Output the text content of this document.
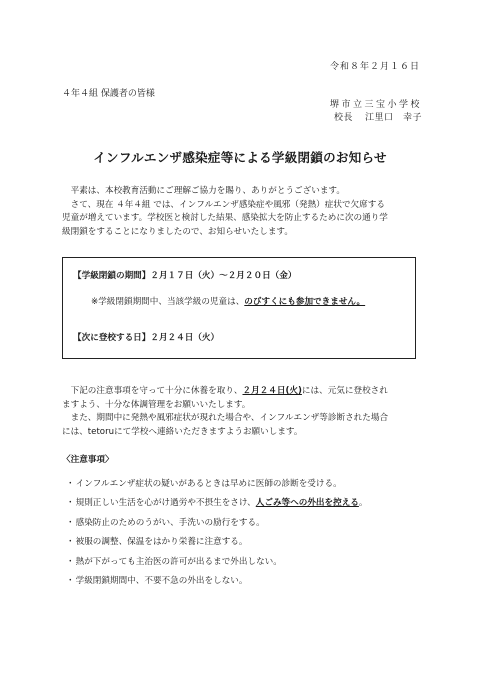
令和８年２月１６日
４年４組 保護者の皆様
堺市立三宝小学校
校長 江里口　幸子
インフルエンザ感染症等による学級閉鎖のお知らせ
　平素は、本校教育活動にご理解ご協力を賜り、ありがとうございます。
　さて、現在 ４年４組 では、インフルエンザ感染症や風邪（発熱）症状で欠席する
児童が増えています。学校医と検討した結果、感染拡大を防止するために次の通り学
級閉鎖をすることになりましたので、お知らせいたします。
【学級閉鎖の期間】２月１７日（火）～２月２０日（金）
※学級閉鎖期間中、当該学級の児童は、のびすくにも参加できません。
【次に登校する日】２月２４日（火）
　下記の注意事項を守って十分に休養を取り、２月２４日(火)には、元気に登校され
ますよう、十分な体調管理をお願いいたします。
　また、期間中に発熱や風邪症状が現れた場合や、インフルエンザ等診断された場合
には、tetoruにて学校へ連絡いただきますようお願いします。
〈注意事項〉
・インフルエンザ症状の疑いがあるときは早めに医師の診断を受ける。
・規則正しい生活を心がけ過労や不摂生をさけ、人ごみ等への外出を控える。
・感染防止のためのうがい、手洗いの励行をする。
・被服の調整、保温をはかり栄養に注意する。
・熱が下がっても主治医の許可が出るまで外出しない。
・学級閉鎖期間中、不要不急の外出をしない。
